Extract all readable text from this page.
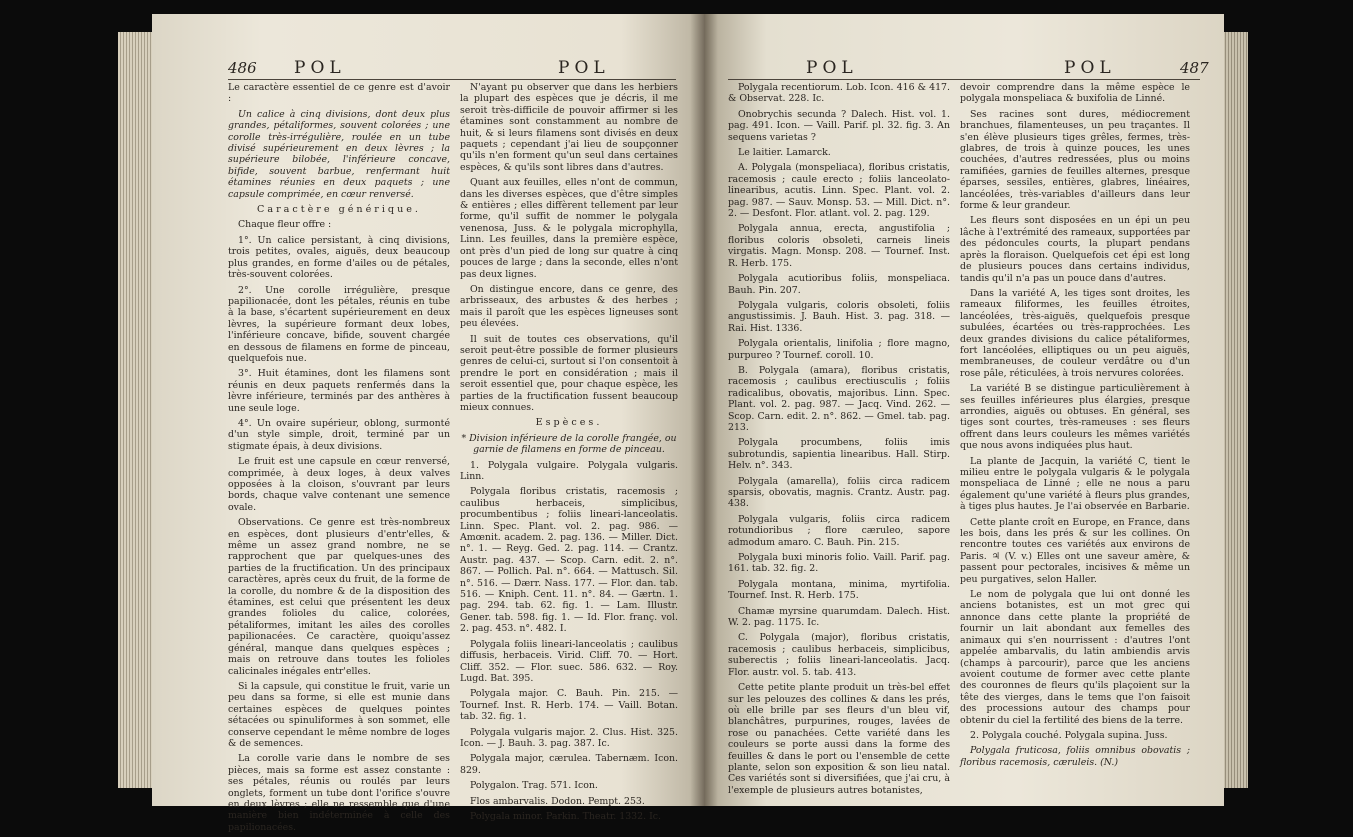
486 POL	POL

Le caractère essentiel de ce genre est d'avoir :

Un calice à cinq divisions, dont deux plus grandes, pétaliformes, souvent colorées ; une corolle très-irrégulière, roulée en un tube divisé supérieurement en deux lèvres ; la supérieure bilobée, l'inférieure concave, bifide, souvent barbue, renfermant huit étamines réunies en deux paquets ; une capsule comprimée, en cœur renversé.

Caractère générique.

Chaque fleur offre :

1°. Un calice persistant, à cinq divisions, trois petites, ovales, aiguës, deux beaucoup plus grandes, en forme d'ailes ou de pétales, très-souvent colorées.

2°. Une corolle irrégulière, presque papilionacée, dont les pétales, réunis en tube à la base, s'écartent supérieurement en deux lèvres, la supérieure formant deux lobes, l'inférieure concave, bifide, souvent chargée en dessous de filamens en forme de pinceau, quelquefois nue.

3°. Huit étamines, dont les filamens sont réunis en deux paquets renfermés dans la lèvre inférieure, terminés par des anthères à une seule loge.

4°. Un ovaire supérieur, oblong, surmonté d'un style simple, droit, terminé par un stigmate épais, à deux divisions.

Le fruit est une capsule en cœur renversé, comprimée, à deux loges, à deux valves opposées à la cloison, s'ouvrant par leurs bords, chaque valve contenant une semence ovale.

Observations. Ce genre est très-nombreux en espèces, dont plusieurs d'entr'elles, & même un assez grand nombre, ne se rapprochent que par quelques-unes des parties de la fructification. Un des principaux caractères, après ceux du fruit, de la forme de la corolle, du nombre & de la disposition des étamines, est celui que présentent les deux grandes folioles du calice, colorées, pétaliformes, imitant les ailes des corolles papilionacées. Ce caractère, quoiqu'assez général, manque dans quelques espèces ; mais on retrouve dans toutes les folioles calicinales inégales entr'elles.

Si la capsule, qui constitue le fruit, varie un peu dans sa forme, si elle est munie dans certaines espèces de quelques pointes sétacées ou spinuliformes à son sommet, elle conserve cependant le même nombre de loges & de semences.

La corolle varie dans le nombre de ses pièces, mais sa forme est assez constante : ses pétales, réunis ou roulés par leurs onglets, forment un tube dont l'orifice s'ouvre en deux lèvres ; elle ne ressemble que d'une manière bien indéterminée à celle des papilionacées.

N'ayant pu observer que dans les herbiers la plupart des espèces que je décris, il me seroit très-difficile de pouvoir affirmer si les étamines sont constamment au nombre de huit, & si leurs filamens sont divisés en deux paquets ; cependant j'ai lieu de soupçonner qu'ils n'en forment qu'un seul dans certaines espèces, & qu'ils sont libres dans d'autres.

Quant aux feuilles, elles n'ont de commun, dans les diverses espèces, que d'être simples & entières ; elles diffèrent tellement par leur forme, qu'il suffit de nommer le polygala venenosa, Juss. & le polygala microphylla, Linn. Les feuilles, dans la première espèce, ont près d'un pied de long sur quatre à cinq pouces de large ; dans la seconde, elles n'ont pas deux lignes.

On distingue encore, dans ce genre, des arbrisseaux, des arbustes & des herbes ; mais il paroît que les espèces ligneuses sont peu élevées.

Il suit de toutes ces observations, qu'il seroit peut-être possible de former plusieurs genres de celui-ci, surtout si l'on consentoit à prendre le port en considération ; mais il seroit essentiel que, pour chaque espèce, les parties de la fructification fussent beaucoup mieux connues.

Espèces.

* Division inférieure de la corolle frangée, ou garnie de filamens en forme de pinceau.

1. Polygala vulgaire. Polygala vulgaris. Linn.

Polygala floribus cristatis, racemosis ; caulibus herbaceis, simplicibus, procumbentibus ; foliis lineari-lanceolatis. Linn. Spec. Plant. vol. 2. pag. 986. — Amœnit. academ. 2. pag. 136. — Miller. Dict. n°. 1. — Reyg. Ged. 2. pag. 114. — Crantz. Austr. pag. 437. — Scop. Carn. edit. 2. n°. 867. — Pollich. Pal. n°. 664. — Mattusch. Sil. n°. 516. — Dærr. Nass. 177. — Flor. dan. tab. 516. — Kniph. Cent. 11. n°. 84. — Gærtn. 1. pag. 294. tab. 62. fig. 1. — Lam. Illustr. Gener. tab. 598. fig. 1. — Id. Flor. franç. vol. 2. pag. 453. n°. 482. I.

Polygala foliis lineari-lanceolatis ; caulibus diffusis, herbaceis. Virid. Cliff. 70. — Hort. Cliff. 352. — Flor. suec. 586. 632. — Roy. Lugd. Bat. 395.

Polygala major. C. Bauh. Pin. 215. — Tournef. Inst. R. Herb. 174. — Vaill. Botan. tab. 32. fig. 1.

Polygala vulgaris major. 2. Clus. Hist. 325. Icon. — J. Bauh. 3. pag. 387. Ic.

Polygala major, cærulea. Tabernæm. Icon. 829.

Polygalon. Trag. 571. Icon.

Flos ambarvalis. Dodon. Pempt. 253.

Polygala minor. Parkin. Theatr. 1332. Ic.

POL	POL	487

Polygala recentiorum. Lob. Icon. 416 & 417. & Observat. 228. Ic.

Onobrychis secunda ? Dalech. Hist. vol. 1. pag. 491. Icon. — Vaill. Parif. pl. 32. fig. 3. An sequens varietas ?

Le laitier. Lamarck.

A. Polygala (monspeliaca), floribus cristatis, racemosis ; caule erecto ; foliis lanceolato-linearibus, acutis. Linn. Spec. Plant. vol. 2. pag. 987. — Sauv. Monsp. 53. — Mill. Dict. n°. 2. — Desfont. Flor. atlant. vol. 2. pag. 129.

Polygala annua, erecta, angustifolia ; floribus coloris obsoleti, carneis lineis virgatis. Magn. Monsp. 208. — Tournef. Inst. R. Herb. 175.

Polygala acutioribus foliis, monspeliaca. Bauh. Pin. 207.

Polygala vulgaris, coloris obsoleti, foliis angustissimis. J. Bauh. Hist. 3. pag. 318. — Rai. Hist. 1336.

Polygala orientalis, linifolia ; flore magno, purpureo ? Tournef. coroll. 10.

B. Polygala (amara), floribus cristatis, racemosis ; caulibus erectiusculis ; foliis radicalibus, obovatis, majoribus. Linn. Spec. Plant. vol. 2. pag. 987. — Jacq. Vind. 262. — Scop. Carn. edit. 2. n°. 862. — Gmel. tab. pag. 213.

Polygala procumbens, foliis imis subrotundis, sapientia linearibus. Hall. Stirp. Helv. n°. 343.

Polygala (amarella), foliis circa radicem sparsis, obovatis, magnis. Crantz. Austr. pag. 438.

Polygala vulgaris, foliis circa radicem rotundioribus ; flore cæruleo, sapore admodum amaro. C. Bauh. Pin. 215.

Polygala buxi minoris folio. Vaill. Parif. pag. 161. tab. 32. fig. 2.

Polygala montana, minima, myrtifolia. Tournef. Inst. R. Herb. 175.

Chamæ myrsine quarumdam. Dalech. Hist. W. 2. pag. 1175. Ic.

C. Polygala (major), floribus cristatis, racemosis ; caulibus herbaceis, simplicibus, suberectis ; foliis lineari-lanceolatis. Jacq. Flor. austr. vol. 5. tab. 413.

Cette petite plante produit un très-bel effet sur les pelouzes des collines & dans les prés, où elle brille par ses fleurs d'un bleu vif, blanchâtres, purpurines, rouges, lavées de rose ou panachées. Cette variété dans les couleurs se porte aussi dans la forme des feuilles & dans le port ou l'ensemble de cette plante, selon son exposition & son lieu natal. Ces variétés sont si diversifiées, que j'ai cru, à l'exemple de plusieurs autres botanistes,

devoir comprendre dans la même espèce le polygala monspeliaca & buxifolia de Linné.

Ses racines sont dures, médiocrement branchues, filamenteuses, un peu traçantes. Il s'en élève plusieurs tiges grêles, fermes, très-glabres, de trois à quinze pouces, les unes couchées, d'autres redressées, plus ou moins ramifiées, garnies de feuilles alternes, presque éparses, sessiles, entières, glabres, linéaires, lancéolées, très-variables d'ailleurs dans leur forme & leur grandeur.

Les fleurs sont disposées en un épi un peu lâche à l'extrémité des rameaux, supportées par des pédoncules courts, la plupart pendans après la floraison. Quelquefois cet épi est long de plusieurs pouces dans certains individus, tandis qu'il n'a pas un pouce dans d'autres.

Dans la variété A, les tiges sont droites, les rameaux filiformes, les feuilles étroites, lancéolées, très-aiguës, quelquefois presque subulées, écartées ou très-rapprochées. Les deux grandes divisions du calice pétaliformes, fort lancéolées, elliptiques ou un peu aiguës, membraneuses, de couleur verdâtre ou d'un rose pâle, réticulées, à trois nervures colorées.

La variété B se distingue particulièrement à ses feuilles inférieures plus élargies, presque arrondies, aiguës ou obtuses. En général, ses tiges sont courtes, très-rameuses : ses fleurs offrent dans leurs couleurs les mêmes variétés que nous avons indiquées plus haut.

La plante de Jacquin, la variété C, tient le milieu entre le polygala vulgaris & le polygala monspeliaca de Linné ; elle ne nous a paru également qu'une variété à fleurs plus grandes, à tiges plus hautes. Je l'ai observée en Barbarie.

Cette plante croît en Europe, en France, dans les bois, dans les prés & sur les collines. On rencontre toutes ces variétés aux environs de Paris. ♃ (V. v.) Elles ont une saveur amère, & passent pour pectorales, incisives & même un peu purgatives, selon Haller.

Le nom de polygala que lui ont donné les anciens botanistes, est un mot grec qui annonce dans cette plante la propriété de fournir un lait abondant aux femelles des animaux qui s'en nourrissent : d'autres l'ont appelée ambarvalis, du latin ambiendis arvis (champs à parcourir), parce que les anciens avoient coutume de former avec cette plante des couronnes de fleurs qu'ils plaçoient sur la tête des vierges, dans le tems que l'on faisoit des processions autour des champs pour obtenir du ciel la fertilité des biens de la terre.

2. Polygala couché. Polygala supina. Juss.

Polygala fruticosa, foliis omnibus obovatis ; floribus racemosis, cæruleis. (N.)
